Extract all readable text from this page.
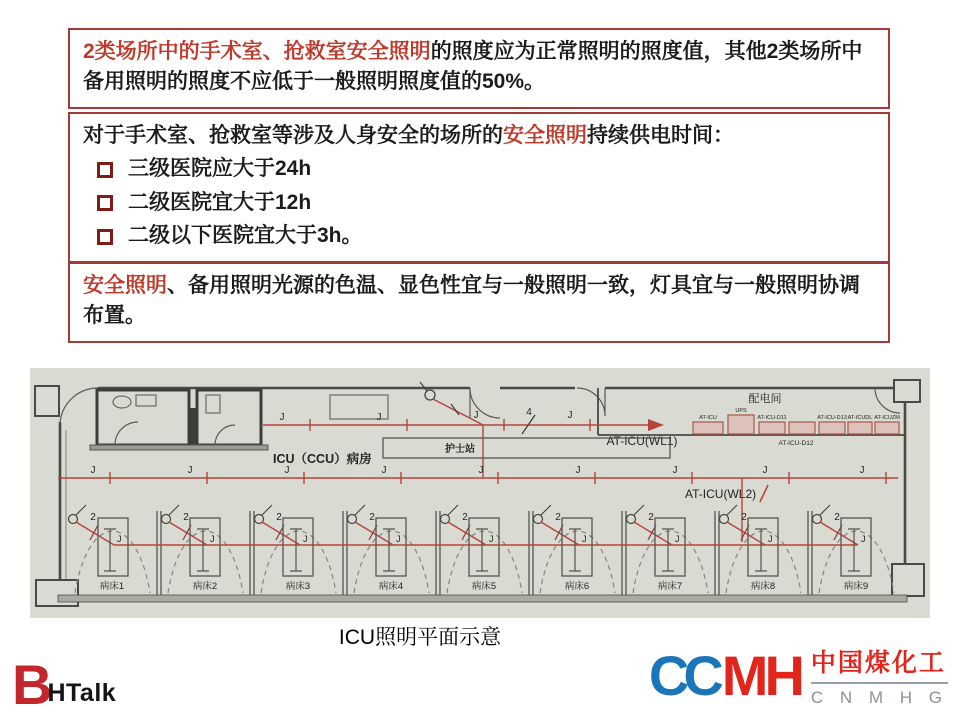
2类场所中的手术室、抢救室安全照明的照度应为正常照明的照度值，其他2类场所中备用照明的照度不应低于一般照明照度值的50%。
对于手术室、抢救室等涉及人身安全的场所的安全照明持续供电时间：
三级医院应大于24h
二级医院宜大于12h
二级以下医院宜大于3h。
安全照明、备用照明光源的色温、显色性宜与一般照明一致，灯具宜与一般照明协调布置。
配电间
AT-ICU
UPS
AT-ICU-D11	AT-ICU-D13 AT-ICUDL AT-ICUZM
AT-ICU-D12
J	J	J	J
4
AT-ICU(WL1)
护士站
ICU（CCU）病房
J	J	J	J	J	J	J	J	J
AT-ICU(WL2)
2	2	2	2	2	2	2	2	2
J	J	J	J	J	J	J	J	J
病床1	病床2	病床3	病床4	病床5	病床6	病床7	病床8	病床9
ICU照明平面示意
B
HTalk	CC MH 中国煤化工
C N M H G
